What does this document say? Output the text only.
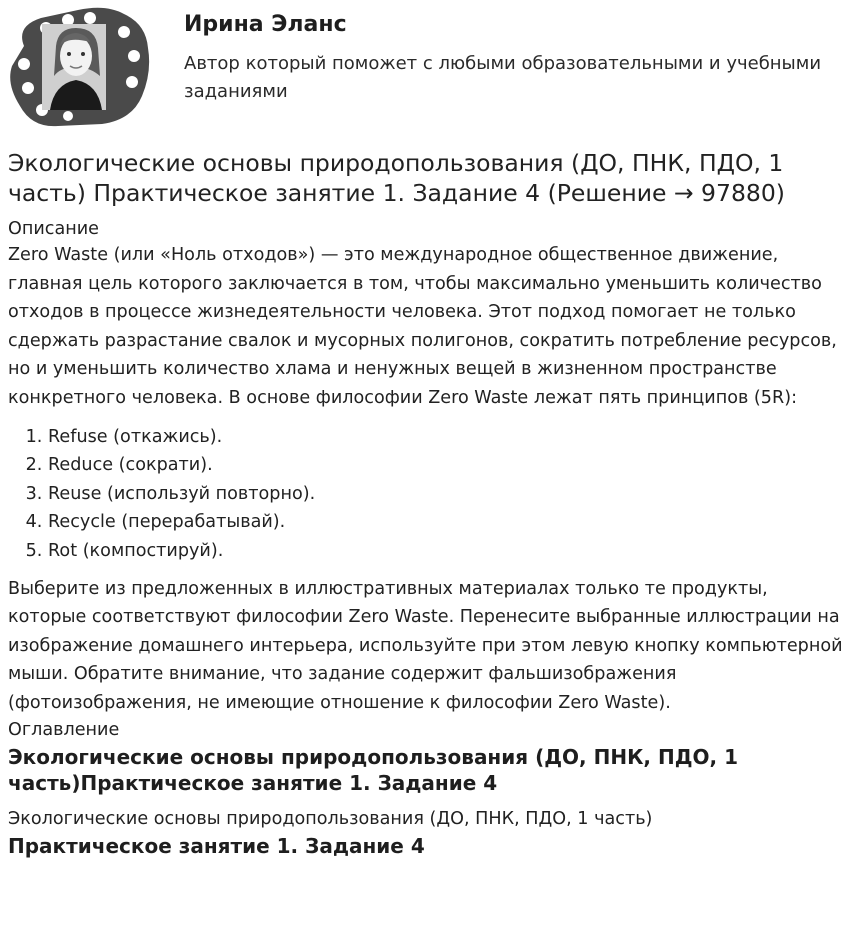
Ирина Эланс
Автор который поможет с любыми образовательными и учебными заданиями
Экологические основы природопользования (ДО, ПНК, ПДО, 1 часть) Практическое занятие 1. Задание 4 (Решение → 97880)
Описание

Zero Waste (или «Ноль отходов») — это международное общественное движение, главная цель которого заключается в том, чтобы максимально уменьшить количество отходов в процессе жизнедеятельности человека. Этот подход помогает не только сдержать разрастание свалок и мусорных полигонов, сократить потребление ресурсов, но и уменьшить количество хлама и ненужных вещей в жизненном пространстве конкретного человека. В основе философии Zero Waste лежат пять принципов (5R):

1. Refuse (откажись).
2. Reduce (сократи).
3. Reuse (используй повторно).
4. Recycle (перерабатывай).
5. Rot (компостируй).

Выберите из предложенных в иллюстративных материалах только те продукты, которые соответствуют философии Zero Waste. Перенесите выбранные иллюстрации на изображение домашнего интерьера, используйте при этом левую кнопку компьютерной мыши. Обратите внимание, что задание содержит фальшизображения (фотоизображения, не имеющие отношение к философии Zero Waste).

Оглавление
Экологические основы природопользования (ДО, ПНК, ПДО, 1 часть)Практическое занятие 1. Задание 4
Экологические основы природопользования (ДО, ПНК, ПДО, 1 часть)
Практическое занятие 1. Задание 4
